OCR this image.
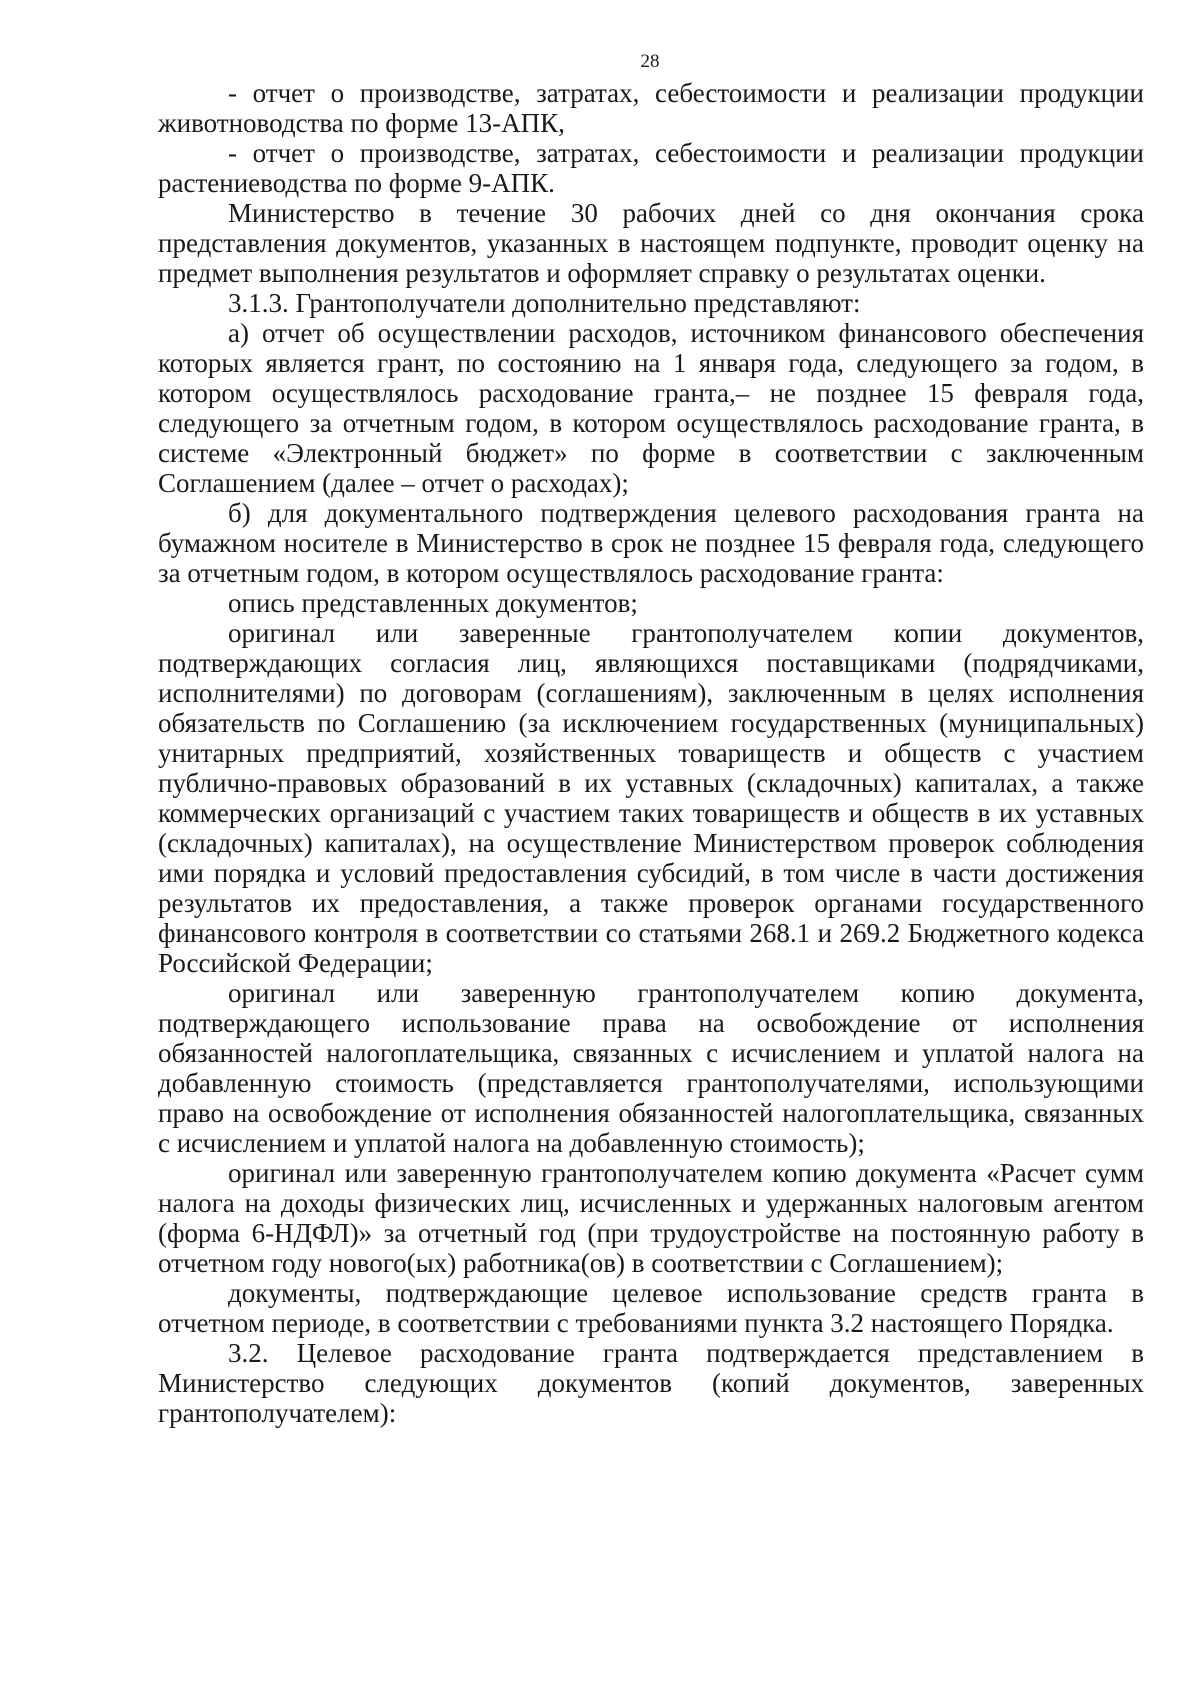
28

- отчет о производстве, затратах, себестоимости и реализации продукции животноводства по форме 13-АПК,

- отчет о производстве, затратах, себестоимости и реализации продукции растениеводства по форме 9-АПК.

Министерство в течение 30 рабочих дней со дня окончания срока представления документов, указанных в настоящем подпункте, проводит оценку на предмет выполнения результатов и оформляет справку о результатах оценки.

3.1.3. Грантополучатели дополнительно представляют:

а) отчет об осуществлении расходов, источником финансового обеспечения которых является грант, по состоянию на 1 января года, следующего за годом, в котором осуществлялось расходование гранта,– не позднее 15 февраля года, следующего за отчетным годом, в котором осуществлялось расходование гранта, в системе «Электронный бюджет» по форме в соответствии с заключенным Соглашением (далее – отчет о расходах);

б) для документального подтверждения целевого расходования гранта на бумажном носителе в Министерство в срок не позднее 15 февраля года, следующего за отчетным годом, в котором осуществлялось расходование гранта:

опись представленных документов;

оригинал или заверенные грантополучателем копии документов, подтверждающих согласия лиц, являющихся поставщиками (подрядчиками, исполнителями) по договорам (соглашениям), заключенным в целях исполнения обязательств по Соглашению (за исключением государственных (муниципальных) унитарных предприятий, хозяйственных товариществ и обществ с участием публично-правовых образований в их уставных (складочных) капиталах, а также коммерческих организаций с участием таких товариществ и обществ в их уставных (складочных) капиталах), на осуществление Министерством проверок соблюдения ими порядка и условий предоставления субсидий, в том числе в части достижения результатов их предоставления, а также проверок органами государственного финансового контроля в соответствии со статьями 268.1 и 269.2 Бюджетного кодекса Российской Федерации;

оригинал или заверенную грантополучателем копию документа, подтверждающего использование права на освобождение от исполнения обязанностей налогоплательщика, связанных с исчислением и уплатой налога на добавленную стоимость (представляется грантополучателями, использующими право на освобождение от исполнения обязанностей налогоплательщика, связанных с исчислением и уплатой налога на добавленную стоимость);

оригинал или заверенную грантополучателем копию документа «Расчет сумм налога на доходы физических лиц, исчисленных и удержанных налоговым агентом (форма 6-НДФЛ)» за отчетный год (при трудоустройстве на постоянную работу в отчетном году нового(ых) работника(ов) в соответствии с Соглашением);

документы, подтверждающие целевое использование средств гранта в отчетном периоде, в соответствии с требованиями пункта 3.2 настоящего Порядка.

3.2. Целевое расходование гранта подтверждается представлением в Министерство следующих документов (копий документов, заверенных грантополучателем):
